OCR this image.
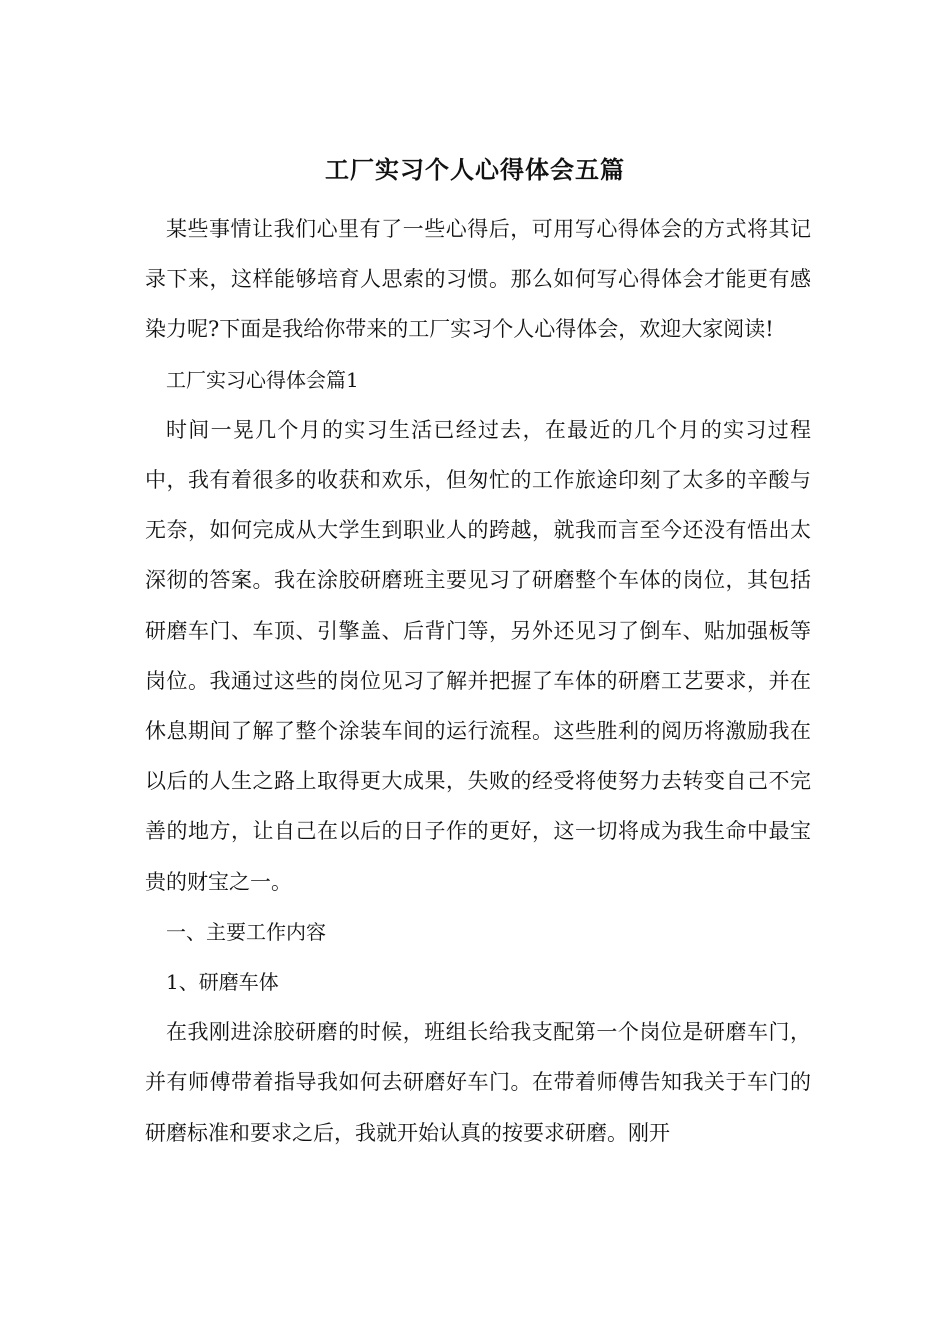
工厂实习个人心得体会五篇

某些事情让我们心里有了一些心得后，可用写心得体会的方式将其记录下来，这样能够培育人思索的习惯。那么如何写心得体会才能更有感染力呢?下面是我给你带来的工厂实习个人心得体会，欢迎大家阅读!

工厂实习心得体会篇1

时间一晃几个月的实习生活已经过去，在最近的几个月的实习过程中，我有着很多的收获和欢乐，但匆忙的工作旅途印刻了太多的辛酸与无奈，如何完成从大学生到职业人的跨越，就我而言至今还没有悟出太深彻的答案。我在涂胶研磨班主要见习了研磨整个车体的岗位，其包括研磨车门、车顶、引擎盖、后背门等，另外还见习了倒车、贴加强板等岗位。我通过这些的岗位见习了解并把握了车体的研磨工艺要求，并在休息期间了解了整个涂装车间的运行流程。这些胜利的阅历将激励我在以后的人生之路上取得更大成果，失败的经受将使努力去转变自己不完善的地方，让自己在以后的日子作的更好，这一切将成为我生命中最宝贵的财宝之一。

一、主要工作内容

1、研磨车体

在我刚进涂胶研磨的时候，班组长给我支配第一个岗位是研磨车门，并有师傅带着指导我如何去研磨好车门。在带着师傅告知我关于车门的研磨标准和要求之后，我就开始认真的按要求研磨。刚开
